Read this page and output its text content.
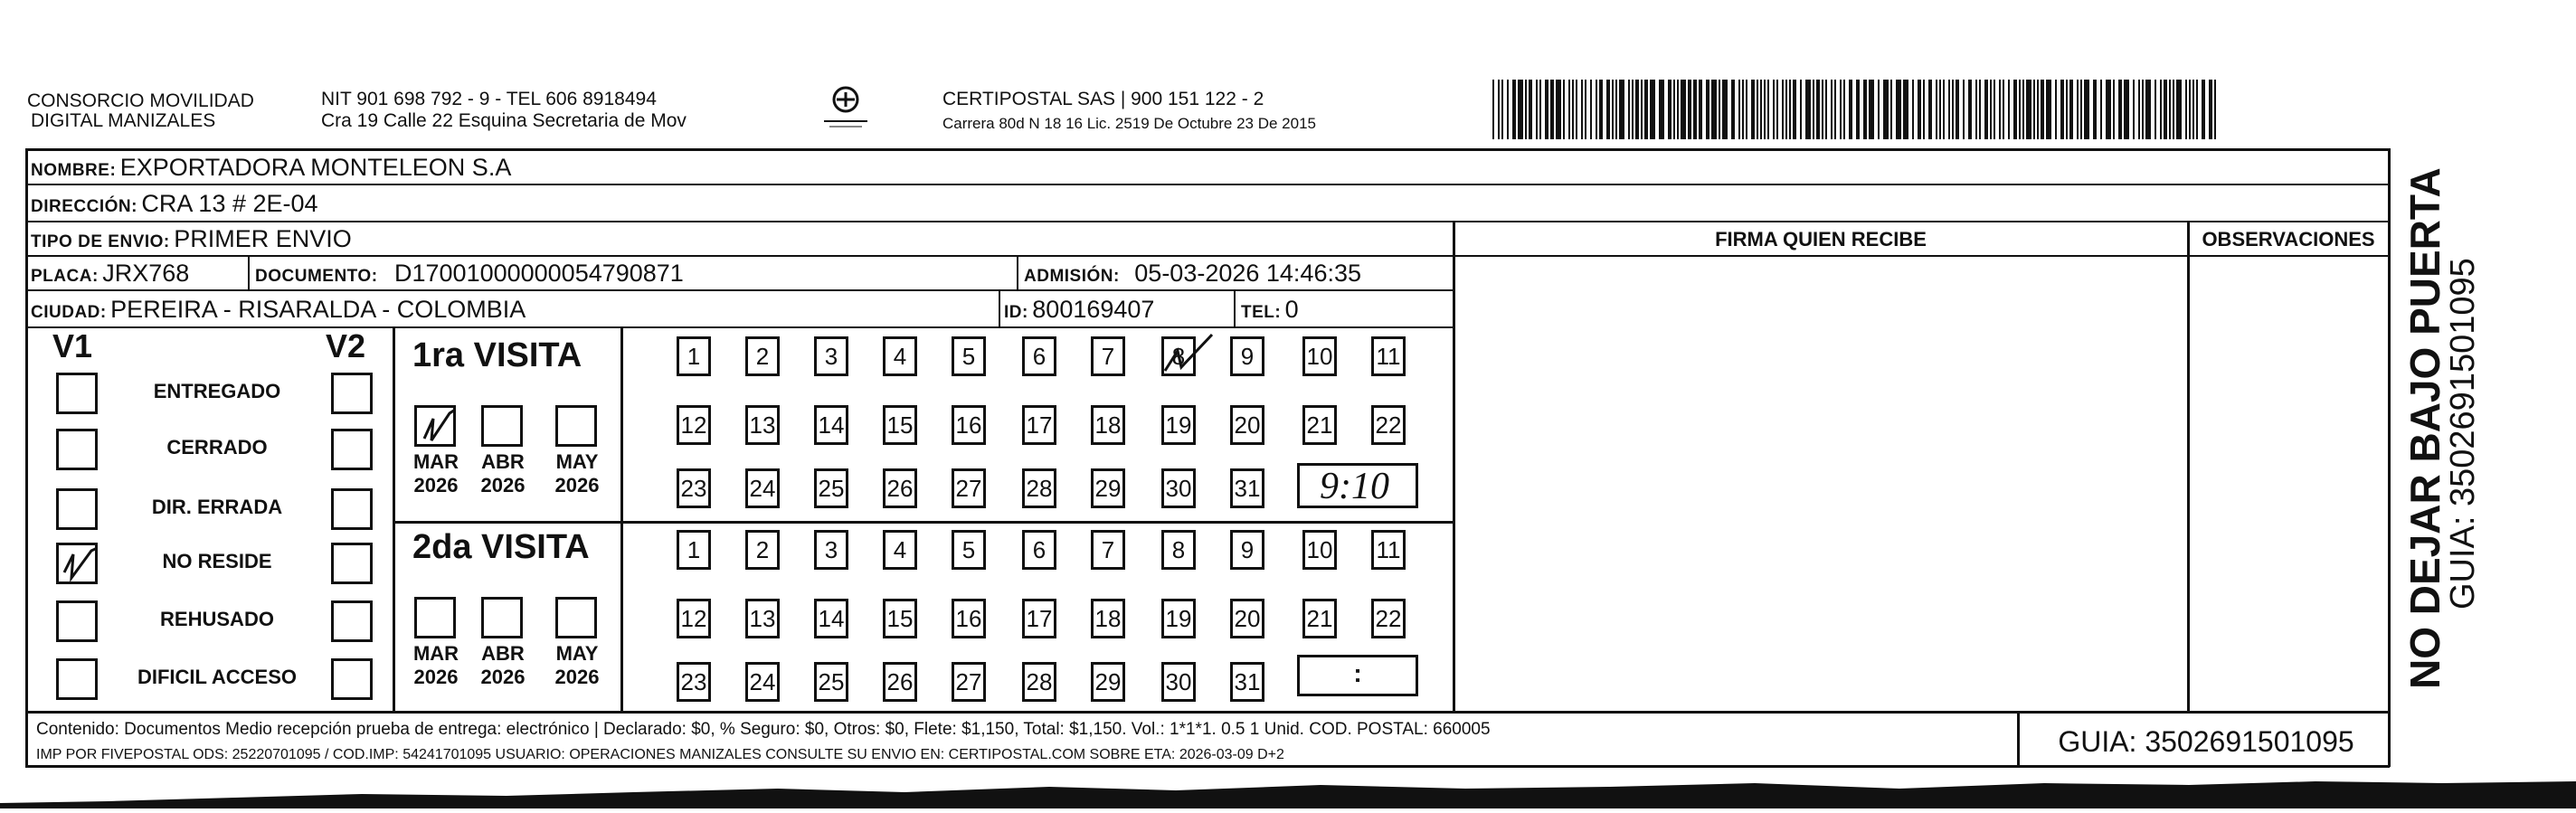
CONSORCIO MOVILIDAD
DIGITAL MANIZALES
NIT 901 698 792 - 9 - TEL 606 8918494
Cra 19 Calle 22 Esquina Secretaria de Mov
CERTIPOSTAL SAS | 900 151 122 - 2
Carrera 80d N 18 16 Lic. 2519 De Octubre 23 De 2015
NOMBRE: EXPORTADORA MONTELEON S.A
DIRECCIÓN: CRA 13 # 2E-04
TIPO DE ENVIO: PRIMER ENVIO	FIRMA QUIEN RECIBE	OBSERVACIONES
PLACA: JRX768	DOCUMENTO: D17001000000054790871	ADMISIÓN: 05-03-2026 14:46:35
CIUDAD: PEREIRA - RISARALDA - COLOMBIA	ID: 800169407	TEL: 0
V1	V2
ENTREGADO
CERRADO
DIR. ERRADA
NO RESIDE
REHUSADO
DIFICIL ACCESO
1ra VISITA
2da VISITA
MAR
2026
ABR
2026
MAY
2026
MAR
2026
ABR
2026
MAY
2026
1	2	3	4	5	6	7	8	9	10 11
12 13 14 15 16 17 18 19 20 21 22
23 24 25 26 27 28 29 30 31
1	2	3	4	5	6	7	8	9	10 11
12 13 14 15 16 17 18 19 20 21 22
23 24 25 26 27 28 29 30 31
9:10
:
Contenido: Documentos Medio recepción prueba de entrega: electrónico | Declarado: $0, % Seguro: $0, Otros: $0, Flete: $1,150, Total: $1,150. Vol.: 1*1*1. 0.5 1 Unid. COD. POSTAL: 660005
IMP POR FIVEPOSTAL ODS: 25220701095 / COD.IMP: 54241701095 USUARIO: OPERACIONES MANIZALES CONSULTE SU ENVIO EN: CERTIPOSTAL.COM SOBRE ETA: 2026-03-09 D+2	GUIA: 3502691501095
NO DEJAR BAJO PUERTA
GUIA: 3502691501095
